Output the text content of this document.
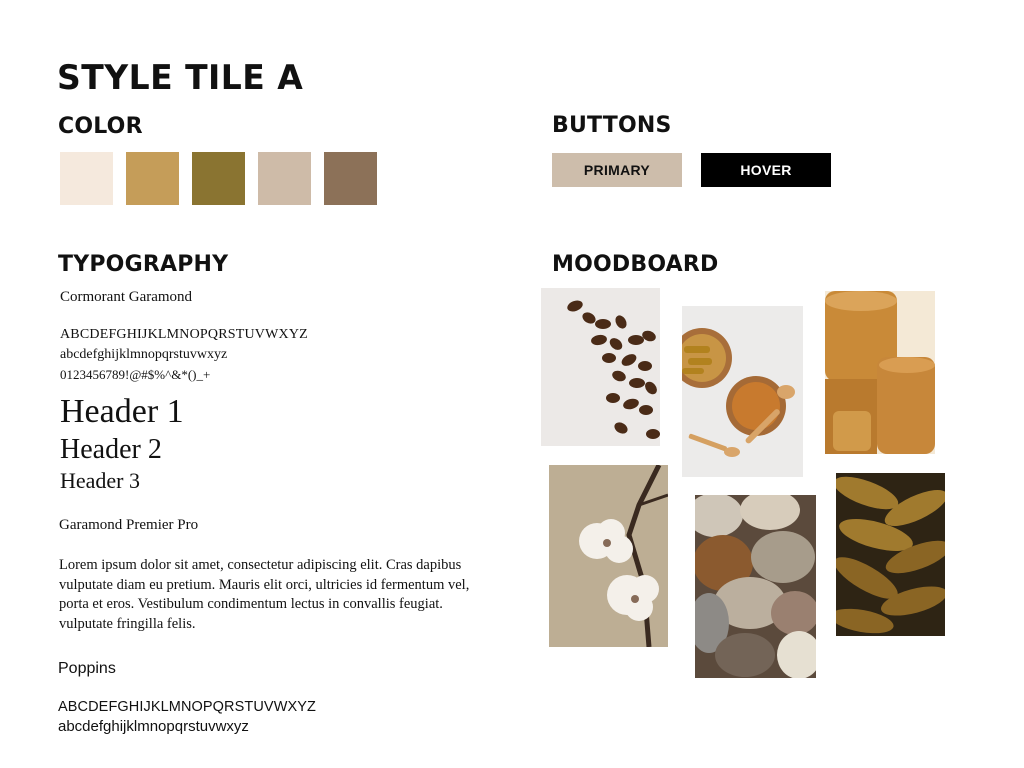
STYLE TILE A
COLOR	BUTTONS
PRIMARY	HOVER
TYPOGRAPHY
Cormorant Garamond
ABCDEFGHIJKLMNOPQRSTUVWXYZ
abcdefghijklmnopqrstuvwxyz
0123456789!@#$%^&*()_+
Header 1
Header 2
Header 3
Garamond Premier Pro
Lorem ipsum dolor sit amet, consectetur adipiscing elit. Cras dapibus vulputate diam eu pretium. Mauris elit orci, ultricies id fermentum vel, porta et eros. Vestibulum condimentum lectus in convallis feugiat. vulputate fringilla felis.
Poppins
ABCDEFGHIJKLMNOPQRSTUVWXYZ
abcdefghijklmnopqrstuvwxyz
MOODBOARD
